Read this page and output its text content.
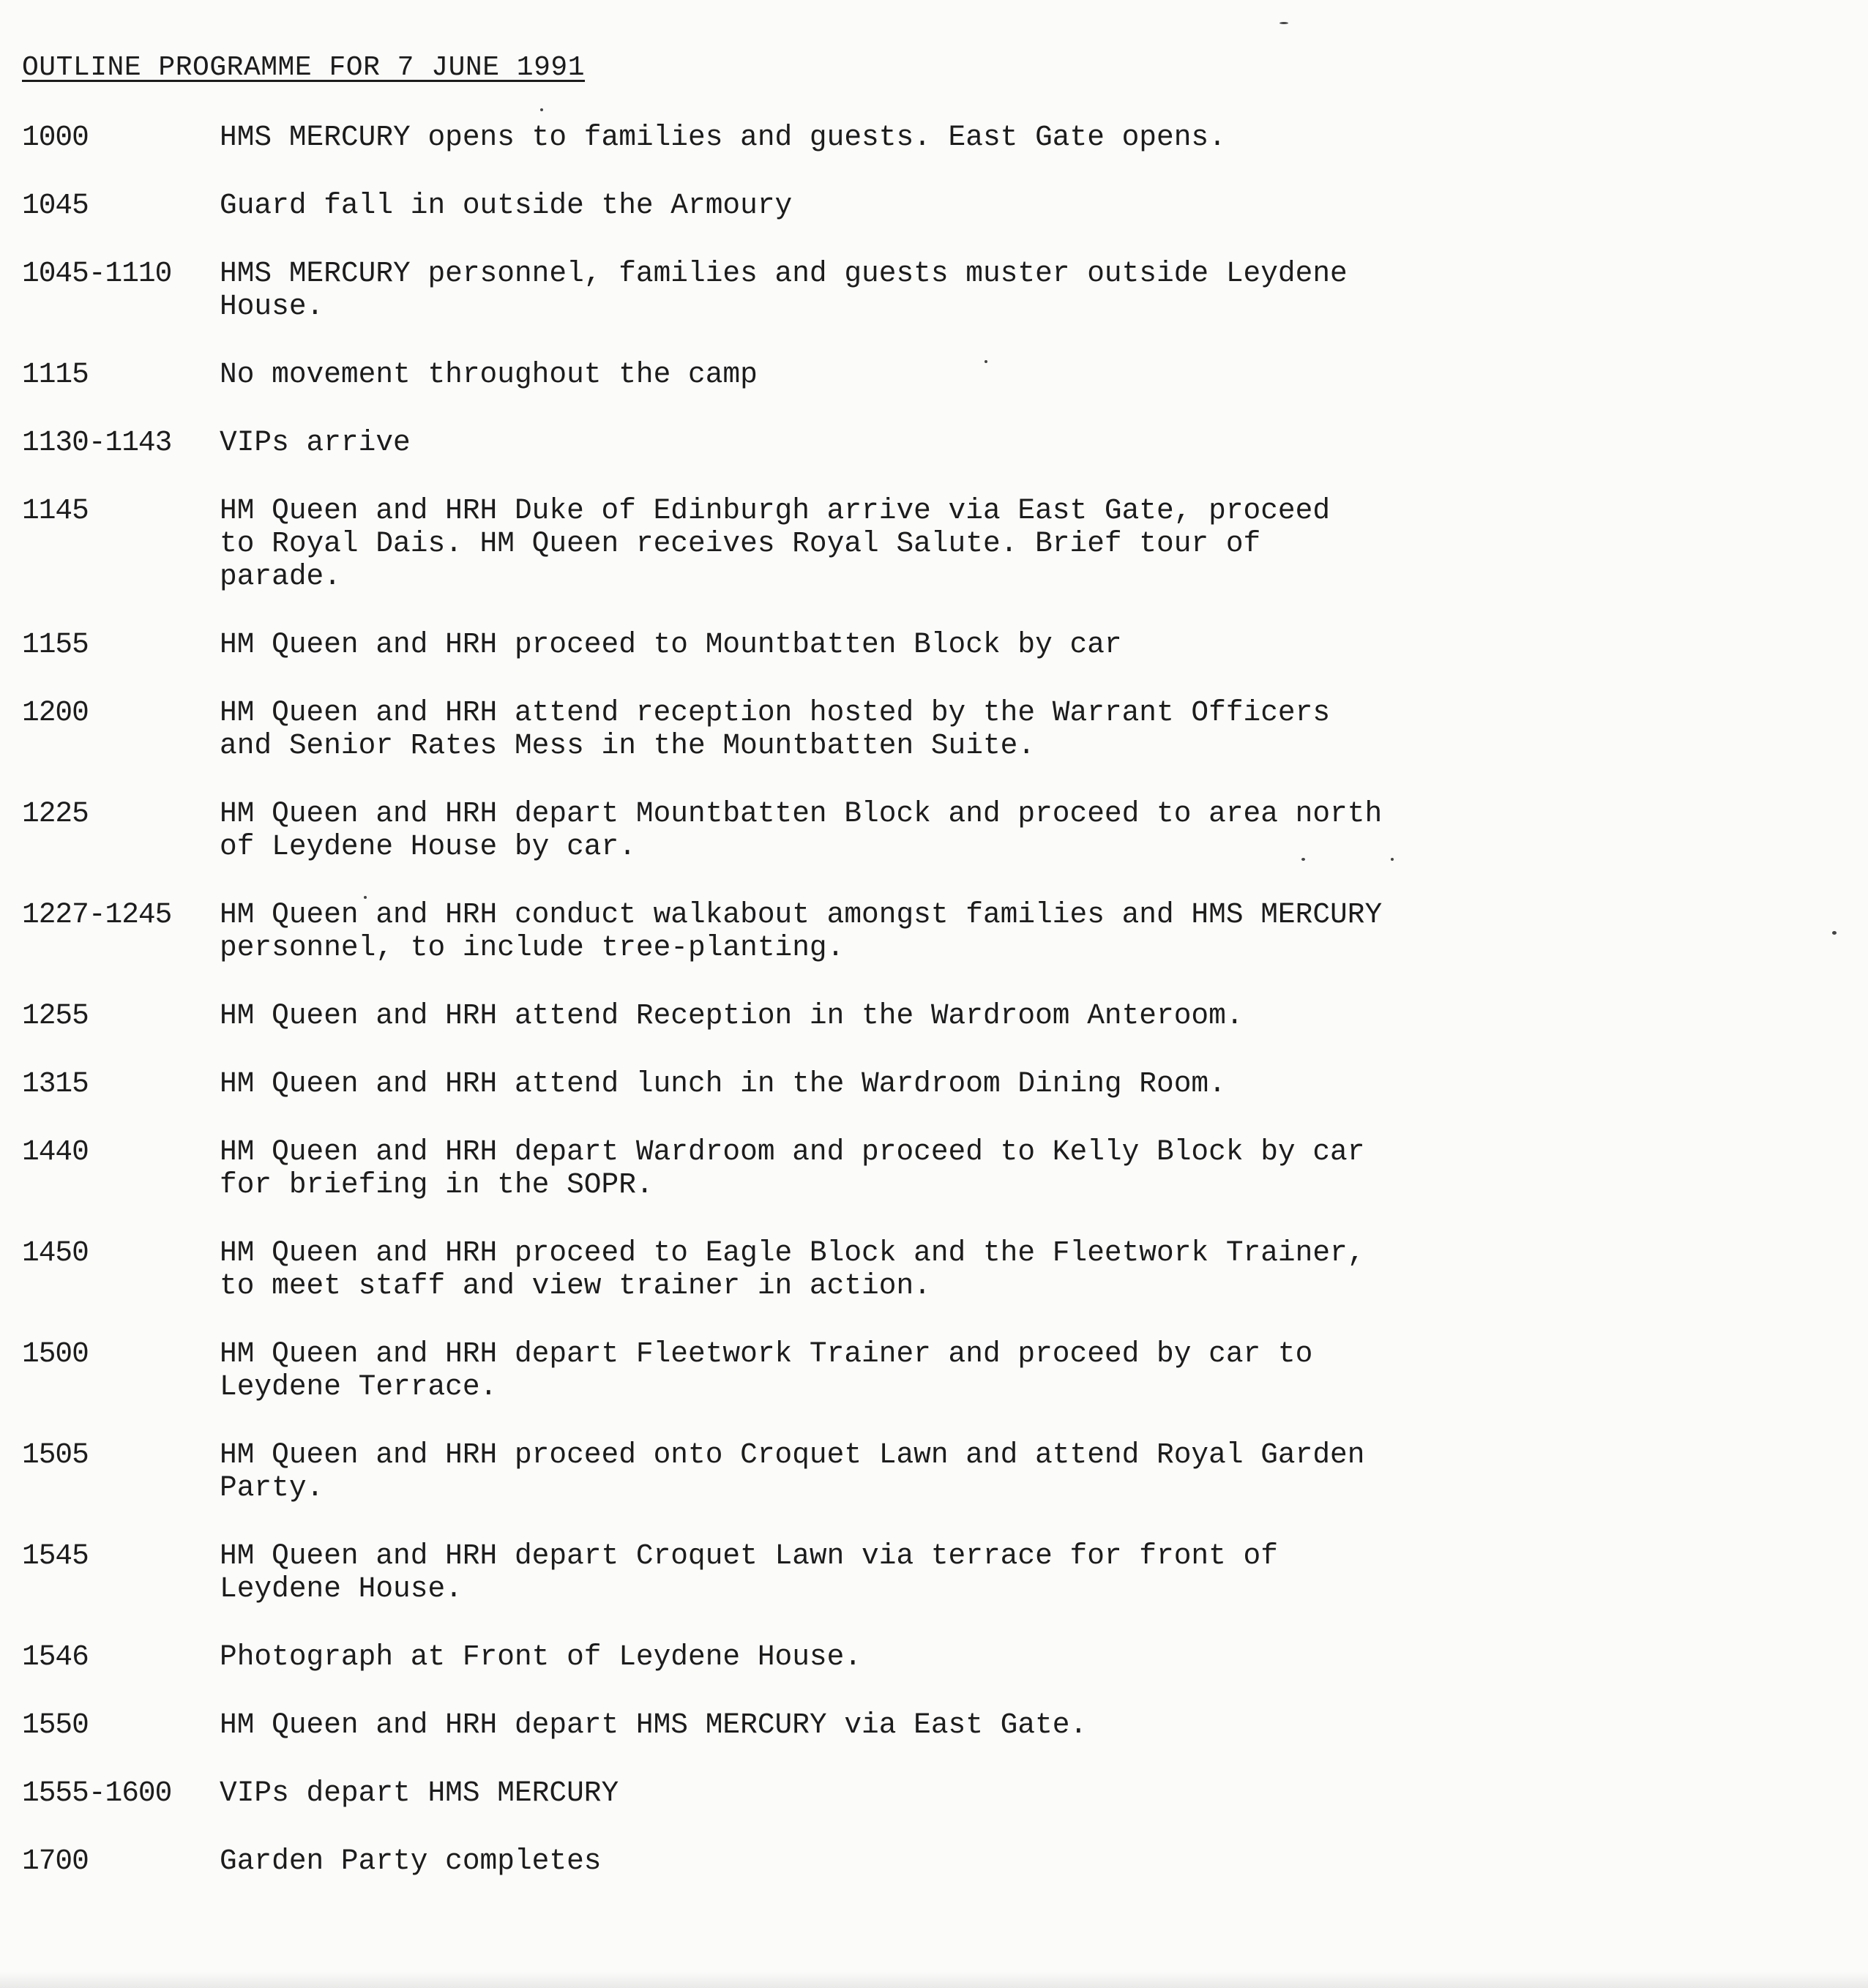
OUTLINE PROGRAMME FOR 7 JUNE 1991
1000	HMS MERCURY opens to families and guests. East Gate opens.
1045	Guard fall in outside the Armoury
1045-1110	HMS MERCURY personnel, families and guests muster outside Leydene
House.
1115	No movement throughout the camp
1130-1143	VIPs arrive
1145	HM Queen and HRH Duke of Edinburgh arrive via East Gate, proceed
to Royal Dais. HM Queen receives Royal Salute. Brief tour of
parade.
1155	HM Queen and HRH proceed to Mountbatten Block by car
1200	HM Queen and HRH attend reception hosted by the Warrant Officers
and Senior Rates Mess in the Mountbatten Suite.
1225	HM Queen and HRH depart Mountbatten Block and proceed to area north
of Leydene House by car.
1227-1245	HM Queen and HRH conduct walkabout amongst families and HMS MERCURY
personnel, to include tree-planting.
1255	HM Queen and HRH attend Reception in the Wardroom Anteroom.
1315	HM Queen and HRH attend lunch in the Wardroom Dining Room.
1440	HM Queen and HRH depart Wardroom and proceed to Kelly Block by car
for briefing in the SOPR.
1450	HM Queen and HRH proceed to Eagle Block and the Fleetwork Trainer,
to meet staff and view trainer in action.
1500	HM Queen and HRH depart Fleetwork Trainer and proceed by car to
Leydene Terrace.
1505	HM Queen and HRH proceed onto Croquet Lawn and attend Royal Garden
Party.
1545	HM Queen and HRH depart Croquet Lawn via terrace for front of
Leydene House.
1546	Photograph at Front of Leydene House.
1550	HM Queen and HRH depart HMS MERCURY via East Gate.
1555-1600	VIPs depart HMS MERCURY
1700	Garden Party completes
